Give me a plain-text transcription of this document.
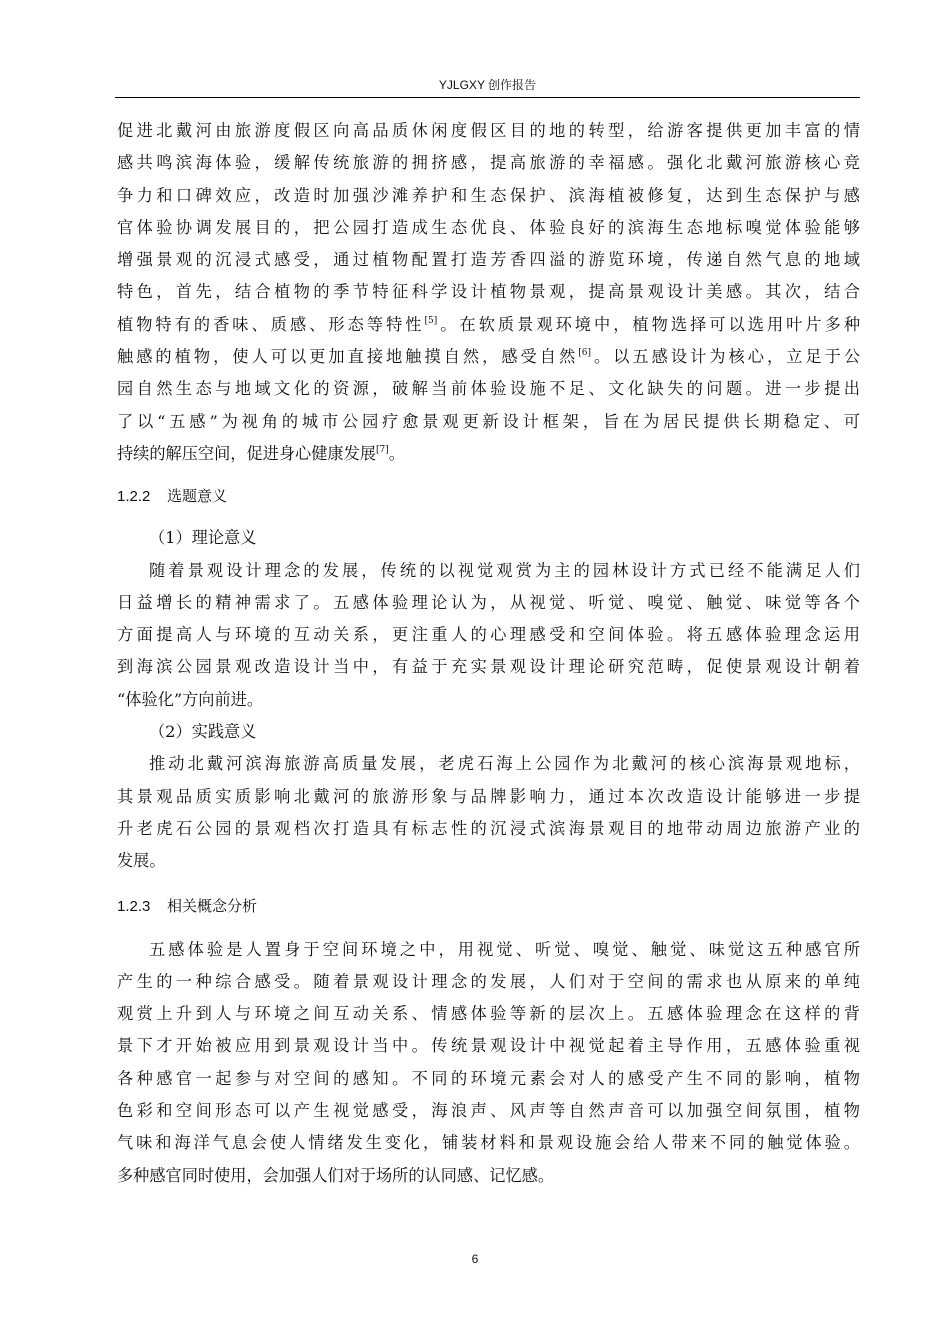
YJLGXY 创作报告
促进北戴河由旅游度假区向高品质休闲度假区目的地的转型，给游客提供更加丰富的情
感共鸣滨海体验，缓解传统旅游的拥挤感，提高旅游的幸福感。强化北戴河旅游核心竞
争力和口碑效应，改造时加强沙滩养护和生态保护、滨海植被修复，达到生态保护与感
官体验协调发展目的，把公园打造成生态优良、体验良好的滨海生态地标嗅觉体验能够
增强景观的沉浸式感受，通过植物配置打造芳香四溢的游览环境，传递自然气息的地域
特色，首先，结合植物的季节特征科学设计植物景观，提高景观设计美感。其次，结合
植物特有的香味、质感、形态等特性[5]。在软质景观环境中，植物选择可以选用叶片多种
触感的植物，使人可以更加直接地触摸自然，感受自然[6]。以五感设计为核心，立足于公
园自然生态与地域文化的资源，破解当前体验设施不足、文化缺失的问题。进一步提出
了以“五感”为视角的城市公园疗愈景观更新设计框架，旨在为居民提供长期稳定、可
持续的解压空间，促进身心健康发展[7]。
1.2.2 选题意义
（1）理论意义
随着景观设计理念的发展，传统的以视觉观赏为主的园林设计方式已经不能满足人们
日益增长的精神需求了。五感体验理论认为，从视觉、听觉、嗅觉、触觉、味觉等各个
方面提高人与环境的互动关系，更注重人的心理感受和空间体验。将五感体验理念运用
到海滨公园景观改造设计当中，有益于充实景观设计理论研究范畴，促使景观设计朝着
“体验化”方向前进。
（2）实践意义
推动北戴河滨海旅游高质量发展，老虎石海上公园作为北戴河的核心滨海景观地标，
其景观品质实质影响北戴河的旅游形象与品牌影响力，通过本次改造设计能够进一步提
升老虎石公园的景观档次打造具有标志性的沉浸式滨海景观目的地带动周边旅游产业的
发展。
1.2.3 相关概念分析
五感体验是人置身于空间环境之中，用视觉、听觉、嗅觉、触觉、味觉这五种感官所
产生的一种综合感受。随着景观设计理念的发展，人们对于空间的需求也从原来的单纯
观赏上升到人与环境之间互动关系、情感体验等新的层次上。五感体验理念在这样的背
景下才开始被应用到景观设计当中。传统景观设计中视觉起着主导作用，五感体验重视
各种感官一起参与对空间的感知。不同的环境元素会对人的感受产生不同的影响，植物
色彩和空间形态可以产生视觉感受，海浪声、风声等自然声音可以加强空间氛围，植物
气味和海洋气息会使人情绪发生变化，铺装材料和景观设施会给人带来不同的触觉体验。
多种感官同时使用，会加强人们对于场所的认同感、记忆感。
6
